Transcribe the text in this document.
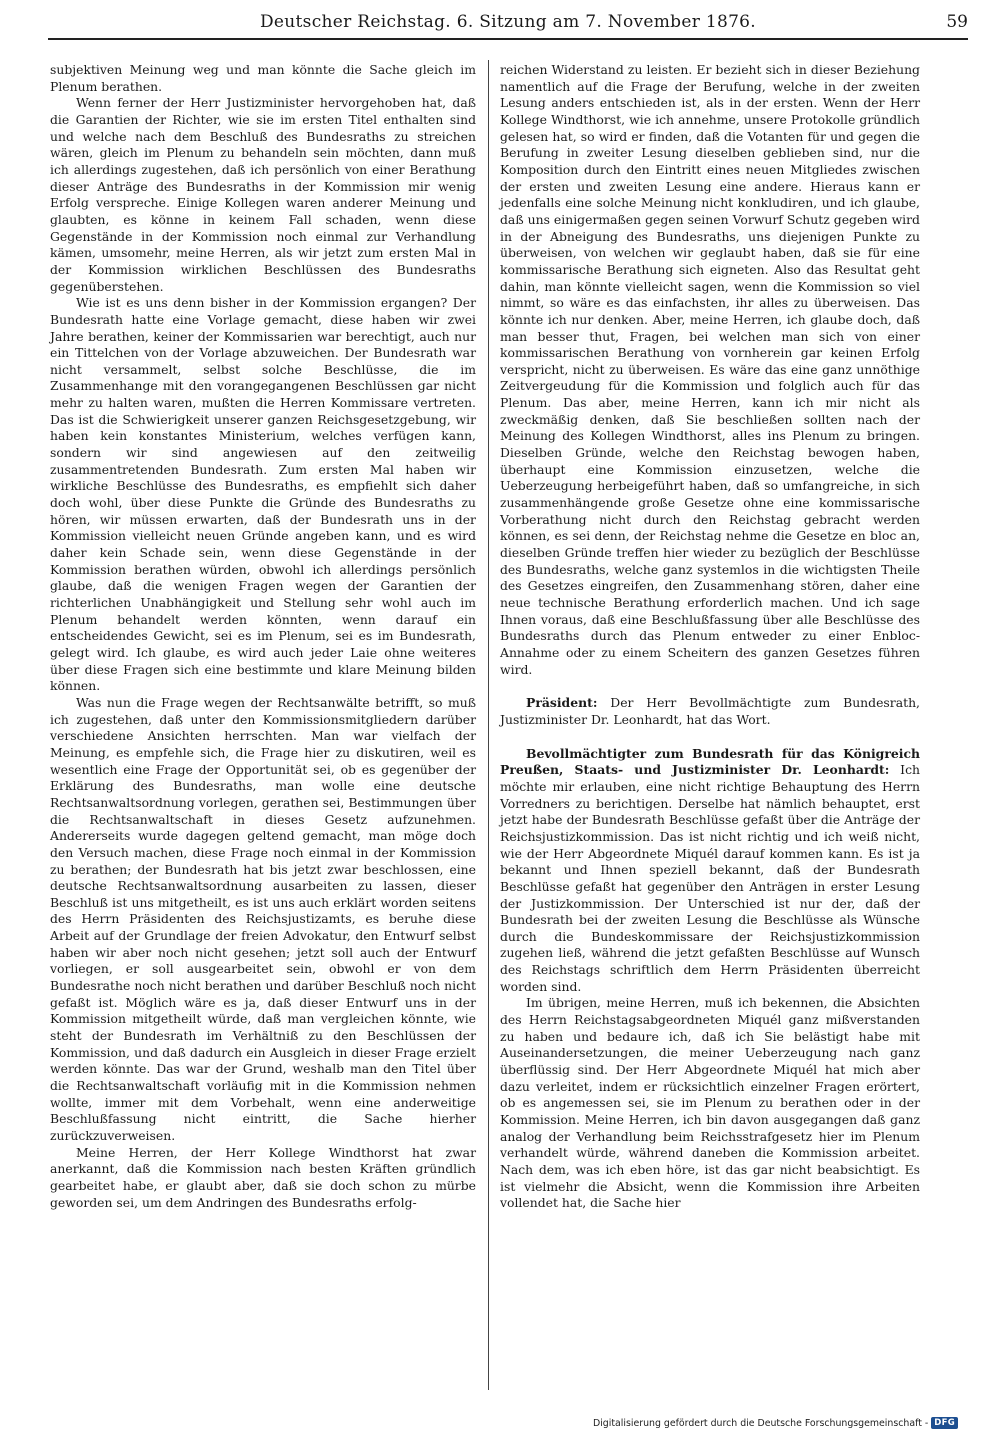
Deutscher Reichstag. 6. Sitzung am 7. November 1876.	59

subjektiven Meinung weg und man könnte die Sache gleich im Plenum berathen.

Wenn ferner der Herr Justizminister hervorgehoben hat, daß die Garantien der Richter, wie sie im ersten Titel enthalten sind und welche nach dem Beschluß des Bundesraths zu streichen wären, gleich im Plenum zu behandeln sein möchten, dann muß ich allerdings zugestehen, daß ich persönlich von einer Berathung dieser Anträge des Bundesraths in der Kommission mir wenig Erfolg verspreche. Einige Kollegen waren anderer Meinung und glaubten, es könne in keinem Fall schaden, wenn diese Gegenstände in der Kommission noch einmal zur Verhandlung kämen, umsomehr, meine Herren, als wir jetzt zum ersten Mal in der Kommission wirklichen Beschlüssen des Bundesraths gegenüberstehen.

Wie ist es uns denn bisher in der Kommission ergangen? Der Bundesrath hatte eine Vorlage gemacht, diese haben wir zwei Jahre berathen, keiner der Kommissarien war berechtigt, auch nur ein Tittelchen von der Vorlage abzuweichen. Der Bundesrath war nicht versammelt, selbst solche Beschlüsse, die im Zusammenhange mit den vorangegangenen Beschlüssen gar nicht mehr zu halten waren, mußten die Herren Kommissare vertreten. Das ist die Schwierigkeit unserer ganzen Reichsgesetzgebung, wir haben kein konstantes Ministerium, welches verfügen kann, sondern wir sind angewiesen auf den zeitweilig zusammentretenden Bundesrath. Zum ersten Mal haben wir wirkliche Beschlüsse des Bundesraths, es empfiehlt sich daher doch wohl, über diese Punkte die Gründe des Bundesraths zu hören, wir müssen erwarten, daß der Bundesrath uns in der Kommission vielleicht neuen Gründe angeben kann, und es wird daher kein Schade sein, wenn diese Gegenstände in der Kommission berathen würden, obwohl ich allerdings persönlich glaube, daß die wenigen Fragen wegen der Garantien der richterlichen Unabhängigkeit und Stellung sehr wohl auch im Plenum behandelt werden könnten, wenn darauf ein entscheidendes Gewicht, sei es im Plenum, sei es im Bundesrath, gelegt wird. Ich glaube, es wird auch jeder Laie ohne weiteres über diese Fragen sich eine bestimmte und klare Meinung bilden können.

Was nun die Frage wegen der Rechtsanwälte betrifft, so muß ich zugestehen, daß unter den Kommissionsmitgliedern darüber verschiedene Ansichten herrschten. Man war vielfach der Meinung, es empfehle sich, die Frage hier zu diskutiren, weil es wesentlich eine Frage der Opportunität sei, ob es gegenüber der Erklärung des Bundesraths, man wolle eine deutsche Rechtsanwaltsordnung vorlegen, gerathen sei, Bestimmungen über die Rechtsanwaltschaft in dieses Gesetz aufzunehmen. Andererseits wurde dagegen geltend gemacht, man möge doch den Versuch machen, diese Frage noch einmal in der Kommission zu berathen; der Bundesrath hat bis jetzt zwar beschlossen, eine deutsche Rechtsanwaltsordnung ausarbeiten zu lassen, dieser Beschluß ist uns mitgetheilt, es ist uns auch erklärt worden seitens des Herrn Präsidenten des Reichsjustizamts, es beruhe diese Arbeit auf der Grundlage der freien Advokatur, den Entwurf selbst haben wir aber noch nicht gesehen; jetzt soll auch der Entwurf vorliegen, er soll ausgearbeitet sein, obwohl er von dem Bundesrathe noch nicht berathen und darüber Beschluß noch nicht gefaßt ist. Möglich wäre es ja, daß dieser Entwurf uns in der Kommission mitgetheilt würde, daß man vergleichen könnte, wie steht der Bundesrath im Verhältniß zu den Beschlüssen der Kommission, und daß dadurch ein Ausgleich in dieser Frage erzielt werden könnte. Das war der Grund, weshalb man den Titel über die Rechtsanwaltschaft vorläufig mit in die Kommission nehmen wollte, immer mit dem Vorbehalt, wenn eine anderweitige Beschlußfassung nicht eintritt, die Sache hierher zurückzuverweisen.

Meine Herren, der Herr Kollege Windthorst hat zwar anerkannt, daß die Kommission nach besten Kräften gründlich gearbeitet habe, er glaubt aber, daß sie doch schon zu mürbe geworden sei, um dem Andringen des Bundesraths erfolg-

reichen Widerstand zu leisten. Er bezieht sich in dieser Beziehung namentlich auf die Frage der Berufung, welche in der zweiten Lesung anders entschieden ist, als in der ersten. Wenn der Herr Kollege Windthorst, wie ich annehme, unsere Protokolle gründlich gelesen hat, so wird er finden, daß die Votanten für und gegen die Berufung in zweiter Lesung dieselben geblieben sind, nur die Komposition durch den Eintritt eines neuen Mitgliedes zwischen der ersten und zweiten Lesung eine andere. Hieraus kann er jedenfalls eine solche Meinung nicht konkludiren, und ich glaube, daß uns einigermaßen gegen seinen Vorwurf Schutz gegeben wird in der Abneigung des Bundesraths, uns diejenigen Punkte zu überweisen, von welchen wir geglaubt haben, daß sie für eine kommissarische Berathung sich eigneten. Also das Resultat geht dahin, man könnte vielleicht sagen, wenn die Kommission so viel nimmt, so wäre es das einfachsten, ihr alles zu überweisen. Das könnte ich nur denken. Aber, meine Herren, ich glaube doch, daß man besser thut, Fragen, bei welchen man sich von einer kommissarischen Berathung von vornherein gar keinen Erfolg verspricht, nicht zu überweisen. Es wäre das eine ganz unnöthige Zeitvergeudung für die Kommission und folglich auch für das Plenum. Das aber, meine Herren, kann ich mir nicht als zweckmäßig denken, daß Sie beschließen sollten nach der Meinung des Kollegen Windthorst, alles ins Plenum zu bringen. Dieselben Gründe, welche den Reichstag bewogen haben, überhaupt eine Kommission einzusetzen, welche die Ueberzeugung herbeigeführt haben, daß so umfangreiche, in sich zusammenhängende große Gesetze ohne eine kommissarische Vorberathung nicht durch den Reichstag gebracht werden können, es sei denn, der Reichstag nehme die Gesetze en bloc an, dieselben Gründe treffen hier wieder zu bezüglich der Beschlüsse des Bundesraths, welche ganz systemlos in die wichtigsten Theile des Gesetzes eingreifen, den Zusammenhang stören, daher eine neue technische Berathung erforderlich machen. Und ich sage Ihnen voraus, daß eine Beschlußfassung über alle Beschlüsse des Bundesraths durch das Plenum entweder zu einer Enbloc-Annahme oder zu einem Scheitern des ganzen Gesetzes führen wird.

Präsident: Der Herr Bevollmächtigte zum Bundesrath, Justizminister Dr. Leonhardt, hat das Wort.

Bevollmächtigter zum Bundesrath für das Königreich Preußen, Staats- und Justizminister Dr. Leonhardt: Ich möchte mir erlauben, eine nicht richtige Behauptung des Herrn Vorredners zu berichtigen. Derselbe hat nämlich behauptet, erst jetzt habe der Bundesrath Beschlüsse gefaßt über die Anträge der Reichsjustizkommission. Das ist nicht richtig und ich weiß nicht, wie der Herr Abgeordnete Miquél darauf kommen kann. Es ist ja bekannt und Ihnen speziell bekannt, daß der Bundesrath Beschlüsse gefaßt hat gegenüber den Anträgen in erster Lesung der Justizkommission. Der Unterschied ist nur der, daß der Bundesrath bei der zweiten Lesung die Beschlüsse als Wünsche durch die Bundeskommissare der Reichsjustizkommission zugehen ließ, während die jetzt gefaßten Beschlüsse auf Wunsch des Reichstags schriftlich dem Herrn Präsidenten überreicht worden sind.

Im übrigen, meine Herren, muß ich bekennen, die Absichten des Herrn Reichstagsabgeordneten Miquél ganz mißverstanden zu haben und bedaure ich, daß ich Sie belästigt habe mit Auseinandersetzungen, die meiner Ueberzeugung nach ganz überflüssig sind. Der Herr Abgeordnete Miquél hat mich aber dazu verleitet, indem er rücksichtlich einzelner Fragen erörtert, ob es angemessen sei, sie im Plenum zu berathen oder in der Kommission. Meine Herren, ich bin davon ausgegangen daß ganz analog der Verhandlung beim Reichsstrafgesetz hier im Plenum verhandelt würde, während daneben die Kommission arbeitet. Nach dem, was ich eben höre, ist das gar nicht beabsichtigt. Es ist vielmehr die Absicht, wenn die Kommission ihre Arbeiten vollendet hat, die Sache hier

Digitalisierung gefördert durch die Deutsche Forschungsgemeinschaft - DFG
